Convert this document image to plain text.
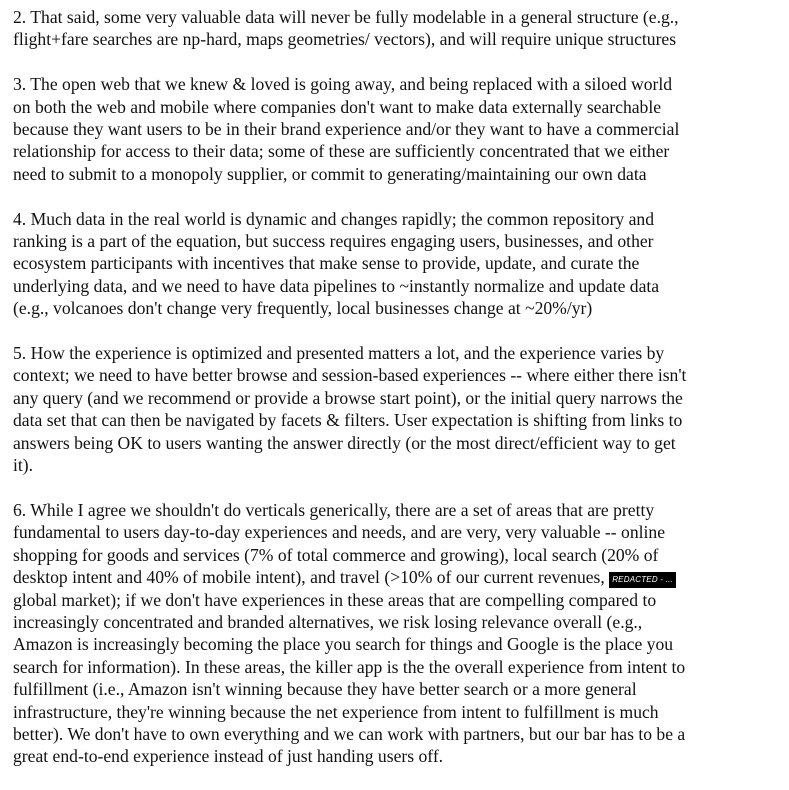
2. That said, some very valuable data will never be fully modelable in a general structure (e.g.,
flight+fare searches are np-hard, maps geometries/ vectors), and will require unique structures

3. The open web that we knew & loved is going away, and being replaced with a siloed world
on both the web and mobile where companies don't want to make data externally searchable
because they want users to be in their brand experience and/or they want to have a commercial
relationship for access to their data; some of these are sufficiently concentrated that we either
need to submit to a monopoly supplier, or commit to generating/maintaining our own data

4. Much data in the real world is dynamic and changes rapidly; the common repository and
ranking is a part of the equation, but success requires engaging users, businesses, and other
ecosystem participants with incentives that make sense to provide, update, and curate the
underlying data, and we need to have data pipelines to ~instantly normalize and update data
(e.g., volcanoes don't change very frequently, local businesses change at ~20%/yr)

5. How the experience is optimized and presented matters a lot, and the experience varies by
context; we need to have better browse and session-based experiences -- where either there isn't
any query (and we recommend or provide a browse start point), or the initial query narrows the
data set that can then be navigated by facets & filters. User expectation is shifting from links to
answers being OK to users wanting the answer directly (or the most direct/efficient way to get
it).

6. While I agree we shouldn't do verticals generically, there are a set of areas that are pretty
fundamental to users day-to-day experiences and needs, and are very, very valuable -- online
shopping for goods and services (7% of total commerce and growing), local search (20% of
desktop intent and 40% of mobile intent), and travel (>10% of our current revenues, REDACTED - ...
global market); if we don't have experiences in these areas that are compelling compared to
increasingly concentrated and branded alternatives, we risk losing relevance overall (e.g.,
Amazon is increasingly becoming the place you search for things and Google is the place you
search for information). In these areas, the killer app is the the overall experience from intent to
fulfillment (i.e., Amazon isn't winning because they have better search or a more general
infrastructure, they're winning because the net experience from intent to fulfillment is much
better). We don't have to own everything and we can work with partners, but our bar has to be a
great end-to-end experience instead of just handing users off.
